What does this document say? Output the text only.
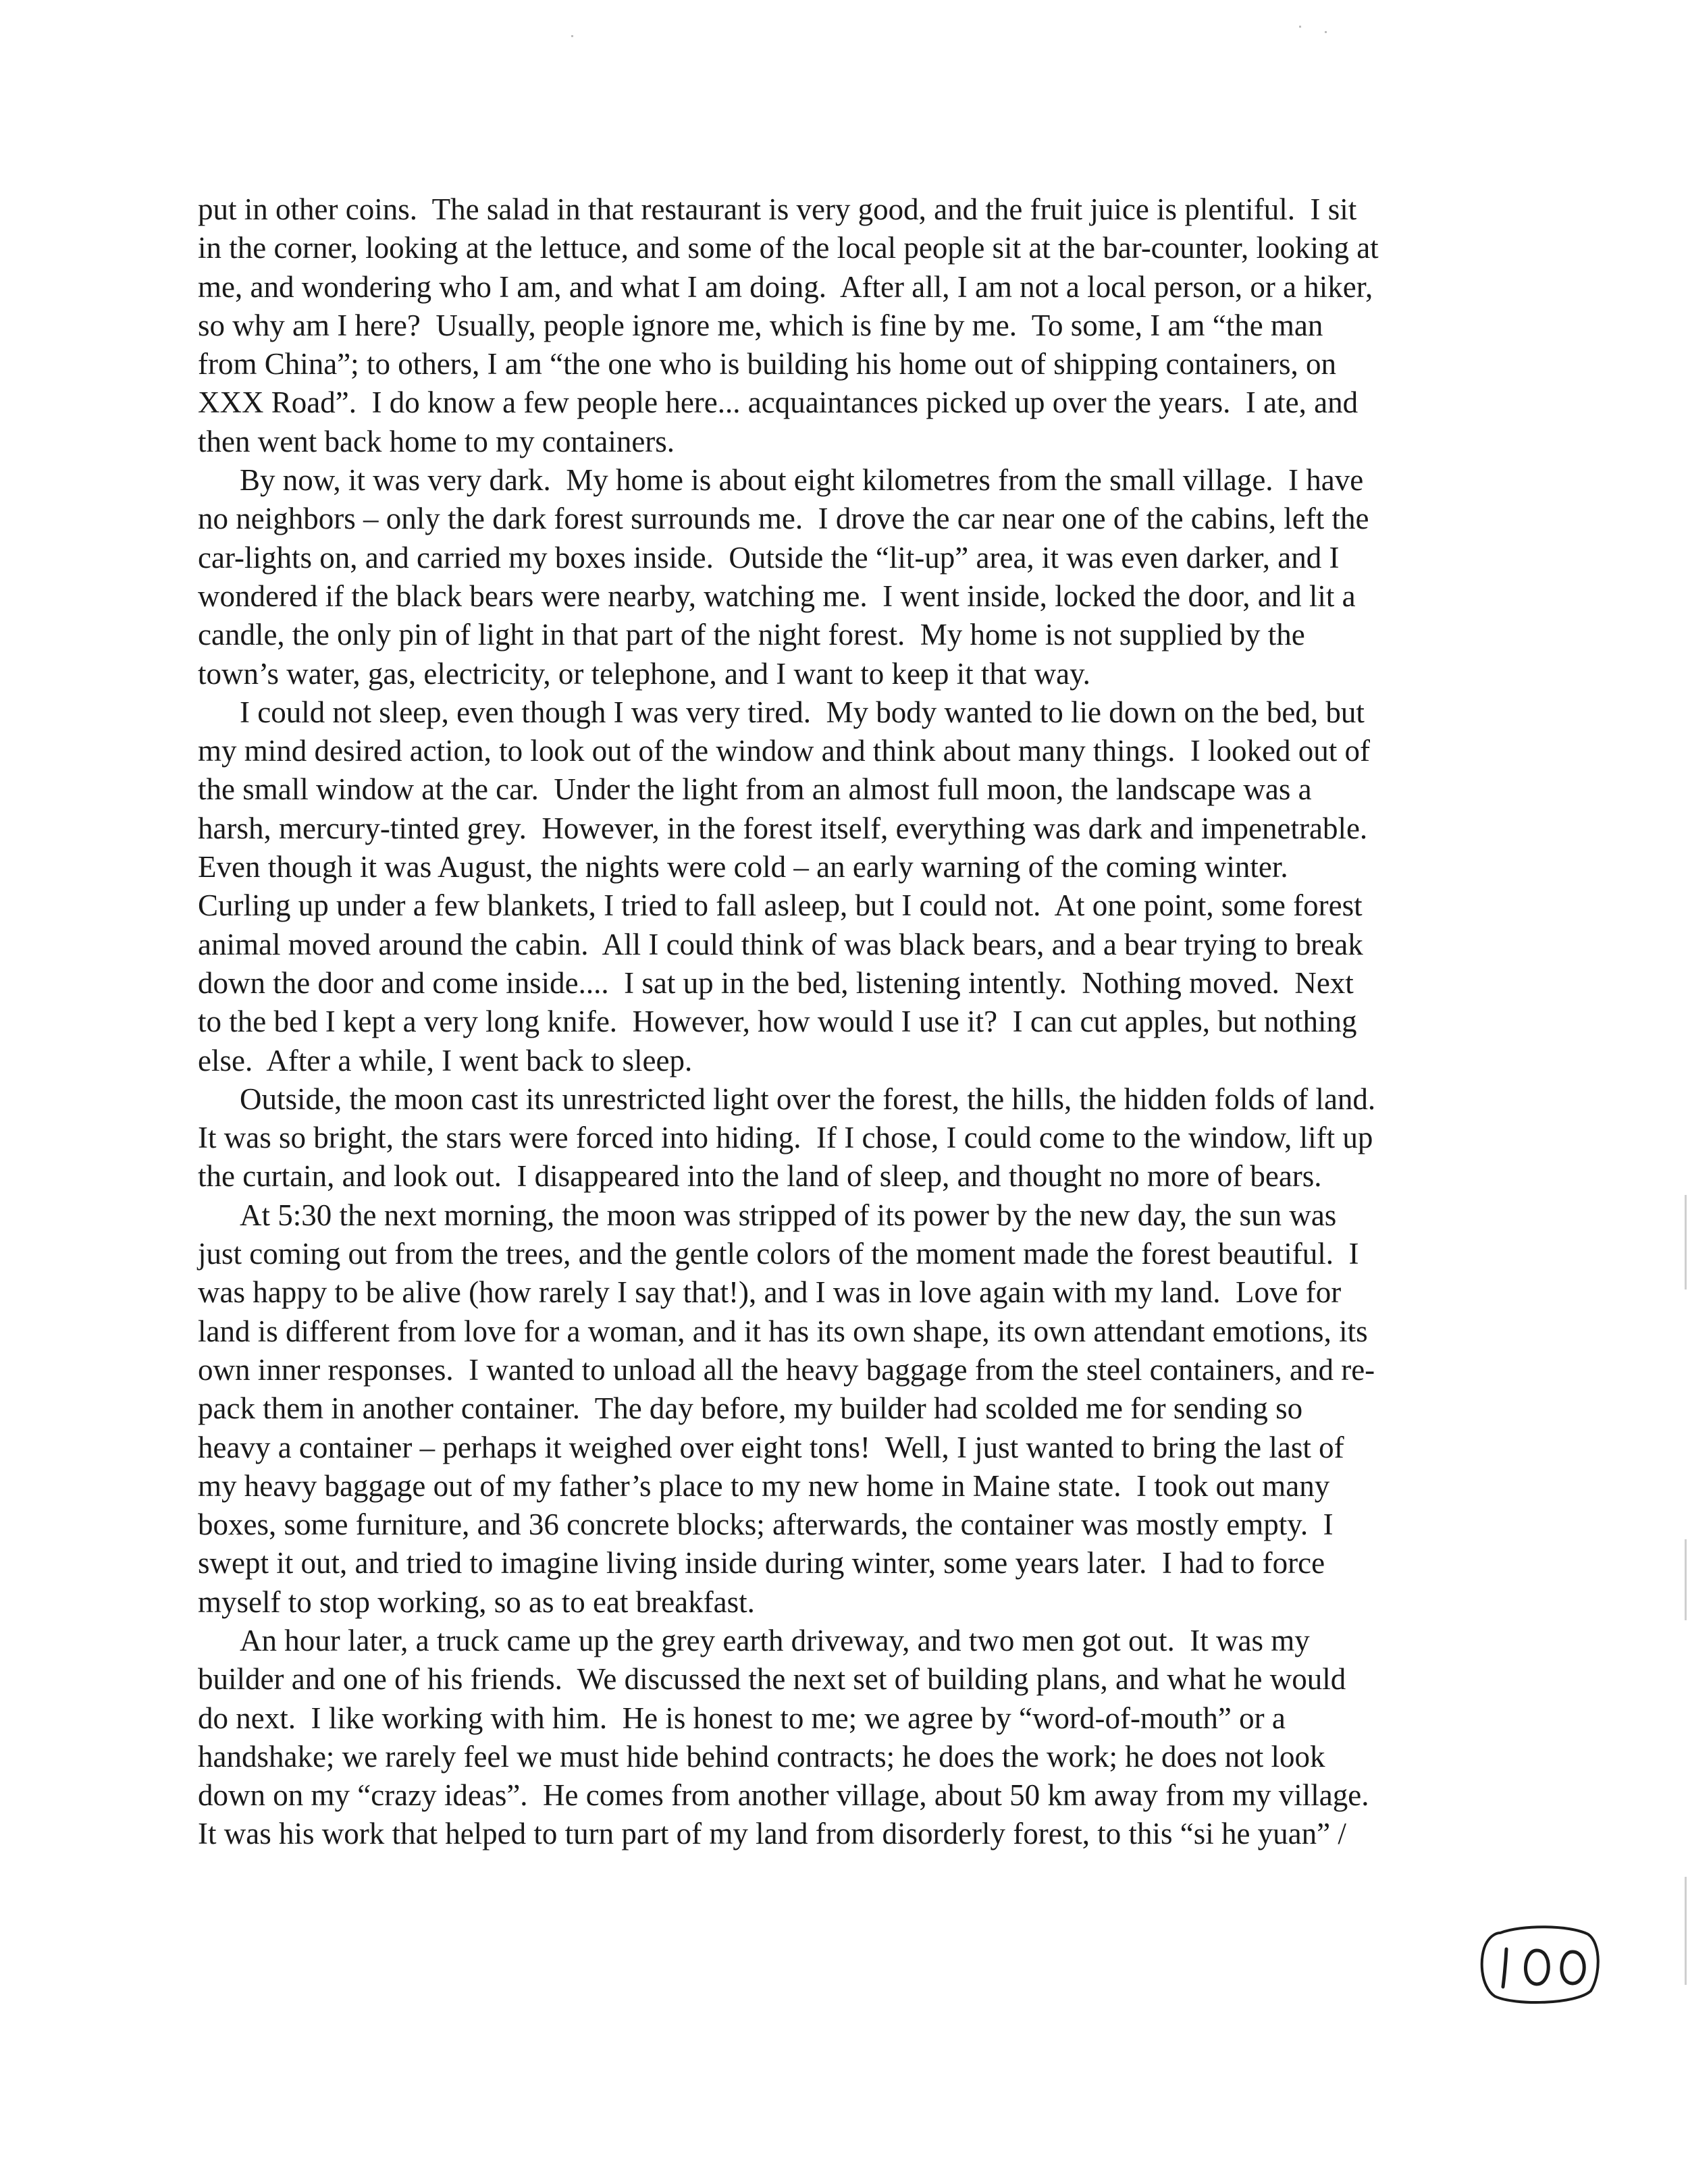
put in other coins.  The salad in that restaurant is very good, and the fruit juice is plentiful.  I sit
in the corner, looking at the lettuce, and some of the local people sit at the bar-counter, looking at
me, and wondering who I am, and what I am doing.  After all, I am not a local person, or a hiker,
so why am I here?  Usually, people ignore me, which is fine by me.  To some, I am “the man
from China”; to others, I am “the one who is building his home out of shipping containers, on
XXX Road”.  I do know a few people here... acquaintances picked up over the years.  I ate, and
then went back home to my containers.
By now, it was very dark.  My home is about eight kilometres from the small village.  I have
no neighbors – only the dark forest surrounds me.  I drove the car near one of the cabins, left the
car-lights on, and carried my boxes inside.  Outside the “lit-up” area, it was even darker, and I
wondered if the black bears were nearby, watching me.  I went inside, locked the door, and lit a
candle, the only pin of light in that part of the night forest.  My home is not supplied by the
town’s water, gas, electricity, or telephone, and I want to keep it that way.
I could not sleep, even though I was very tired.  My body wanted to lie down on the bed, but
my mind desired action, to look out of the window and think about many things.  I looked out of
the small window at the car.  Under the light from an almost full moon, the landscape was a
harsh, mercury-tinted grey.  However, in the forest itself, everything was dark and impenetrable.
Even though it was August, the nights were cold – an early warning of the coming winter.
Curling up under a few blankets, I tried to fall asleep, but I could not.  At one point, some forest
animal moved around the cabin.  All I could think of was black bears, and a bear trying to break
down the door and come inside....  I sat up in the bed, listening intently.  Nothing moved.  Next
to the bed I kept a very long knife.  However, how would I use it?  I can cut apples, but nothing
else.  After a while, I went back to sleep.
Outside, the moon cast its unrestricted light over the forest, the hills, the hidden folds of land.
It was so bright, the stars were forced into hiding.  If I chose, I could come to the window, lift up
the curtain, and look out.  I disappeared into the land of sleep, and thought no more of bears.
At 5:30 the next morning, the moon was stripped of its power by the new day, the sun was
just coming out from the trees, and the gentle colors of the moment made the forest beautiful.  I
was happy to be alive (how rarely I say that!), and I was in love again with my land.  Love for
land is different from love for a woman, and it has its own shape, its own attendant emotions, its
own inner responses.  I wanted to unload all the heavy baggage from the steel containers, and re-
pack them in another container.  The day before, my builder had scolded me for sending so
heavy a container – perhaps it weighed over eight tons!  Well, I just wanted to bring the last of
my heavy baggage out of my father’s place to my new home in Maine state.  I took out many
boxes, some furniture, and 36 concrete blocks; afterwards, the container was mostly empty.  I
swept it out, and tried to imagine living inside during winter, some years later.  I had to force
myself to stop working, so as to eat breakfast.
An hour later, a truck came up the grey earth driveway, and two men got out.  It was my
builder and one of his friends.  We discussed the next set of building plans, and what he would
do next.  I like working with him.  He is honest to me; we agree by “word-of-mouth” or a
handshake; we rarely feel we must hide behind contracts; he does the work; he does not look
down on my “crazy ideas”.  He comes from another village, about 50 km away from my village.
It was his work that helped to turn part of my land from disorderly forest, to this “si he yuan” /
